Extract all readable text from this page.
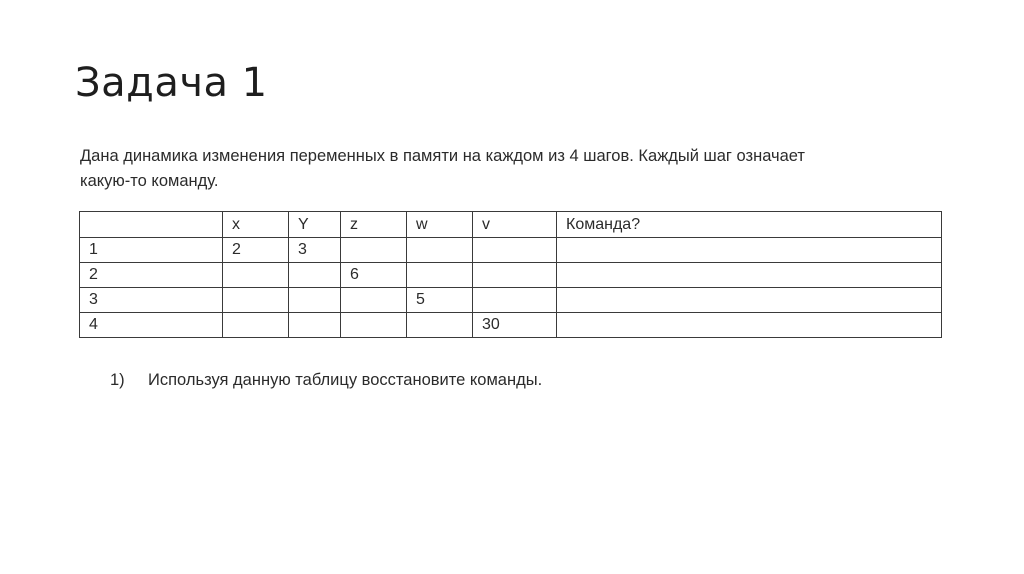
Задача 1

Дана динамика изменения переменных в памяти на каждом из 4 шагов. Каждый шаг означает
какую-то команду.

	x	Y	z	w	v	Команда?
1	2	3				
2			6			
3				5		
4					30	

1) Используя данную таблицу восстановите команды.
